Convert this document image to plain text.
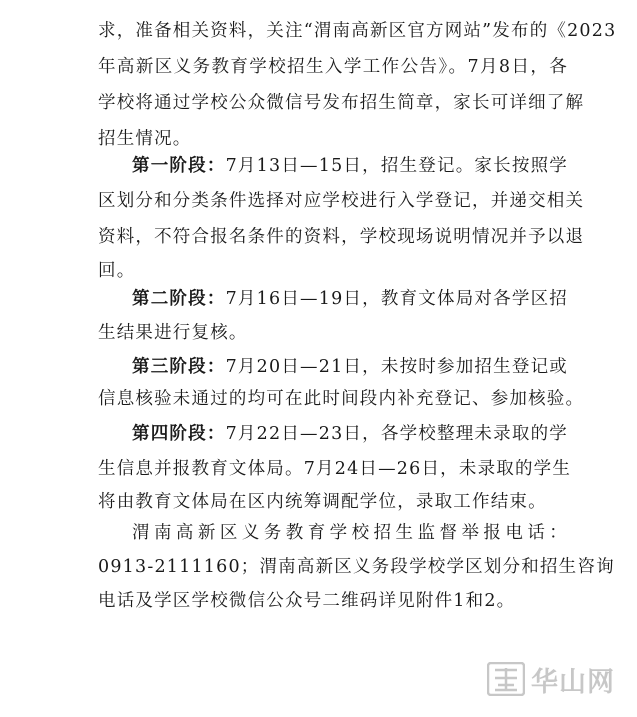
求，准备相关资料，关注“渭南高新区官方网站”发布的《2023
年高新区义务教育学校招生入学工作公告》。7月8日，各
学校将通过学校公众微信号发布招生简章，家长可详细了解
招生情况。
第一阶段：7月13日—15日，招生登记。家长按照学
区划分和分类条件选择对应学校进行入学登记，并递交相关
资料，不符合报名条件的资料，学校现场说明情况并予以退
回。
第二阶段：7月16日—19日，教育文体局对各学区招
生结果进行复核。
第三阶段：7月20日—21日，未按时参加招生登记或
信息核验未通过的均可在此时间段内补充登记、参加核验。
第四阶段：7月22日—23日，各学校整理未录取的学
生信息并报教育文体局。7月24日—26日，未录取的学生
将由教育文体局在区内统筹调配学位，录取工作结束。
渭南高新区义务教育学校招生监督举报电话：
0913-2111160；渭南高新区义务段学校学区划分和招生咨询
电话及学区学校微信公众号二维码详见附件1和2。
华山网
